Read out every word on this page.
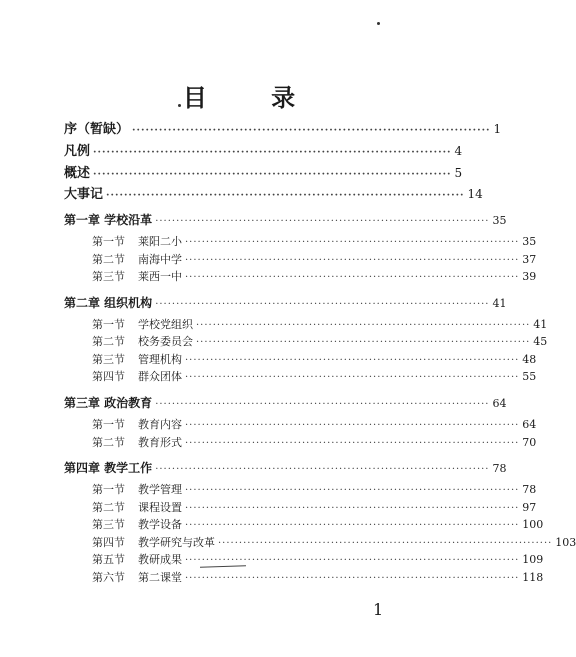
目 录
序（暂缺） ················································································ 1
凡例 ················································································ 4
概述 ················································································ 5
大事记 ················································································ 14
第一章 学校沿革 ················································································ 35
第一节 莱阳二小 ················································································ 35
第二节 南海中学 ················································································ 37
第三节 莱西一中 ················································································ 39
第二章 组织机构 ················································································ 41
第一节 学校党组织 ················································································ 41
第二节 校务委员会 ················································································ 45
第三节 管理机构 ················································································ 48
第四节 群众团体 ················································································ 55
第三章 政治教育 ················································································ 64
第一节 教育内容 ················································································ 64
第二节 教育形式 ················································································ 70
第四章 教学工作 ················································································ 78
第一节 教学管理 ················································································ 78
第二节 课程设置 ················································································ 97
第三节 教学设备 ················································································ 100
第四节 教学研究与改革 ················································································ 103
第五节 教研成果 ················································································ 109
第六节 第二课堂 ················································································ 118
1
